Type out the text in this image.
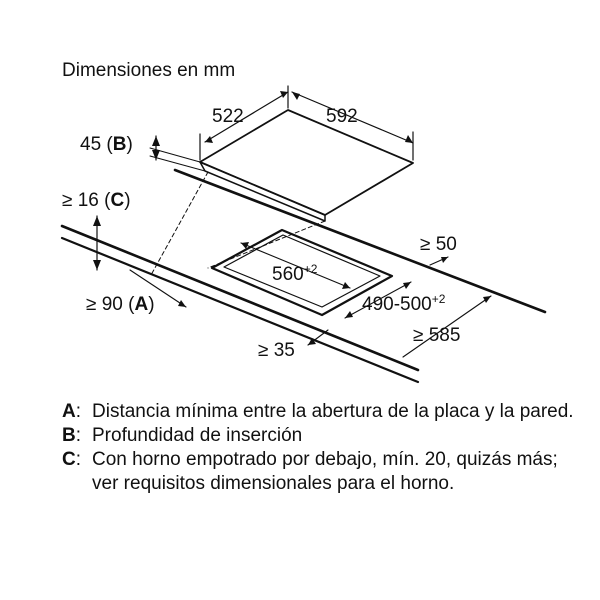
Dimensiones en mm
522	592
45 (B)
≥ 16 (C)
$560^{+2}$
≥ 50
≥ 90 (A)	$490-500^{+2}$
≥ 585
≥ 35
A: Distancia mínima entre la abertura de la placa y la pared.
B: Profundidad de inserción
C: Con horno empotrado por debajo, mín. 20, quizás más; ver requisitos dimensionales para el horno.
